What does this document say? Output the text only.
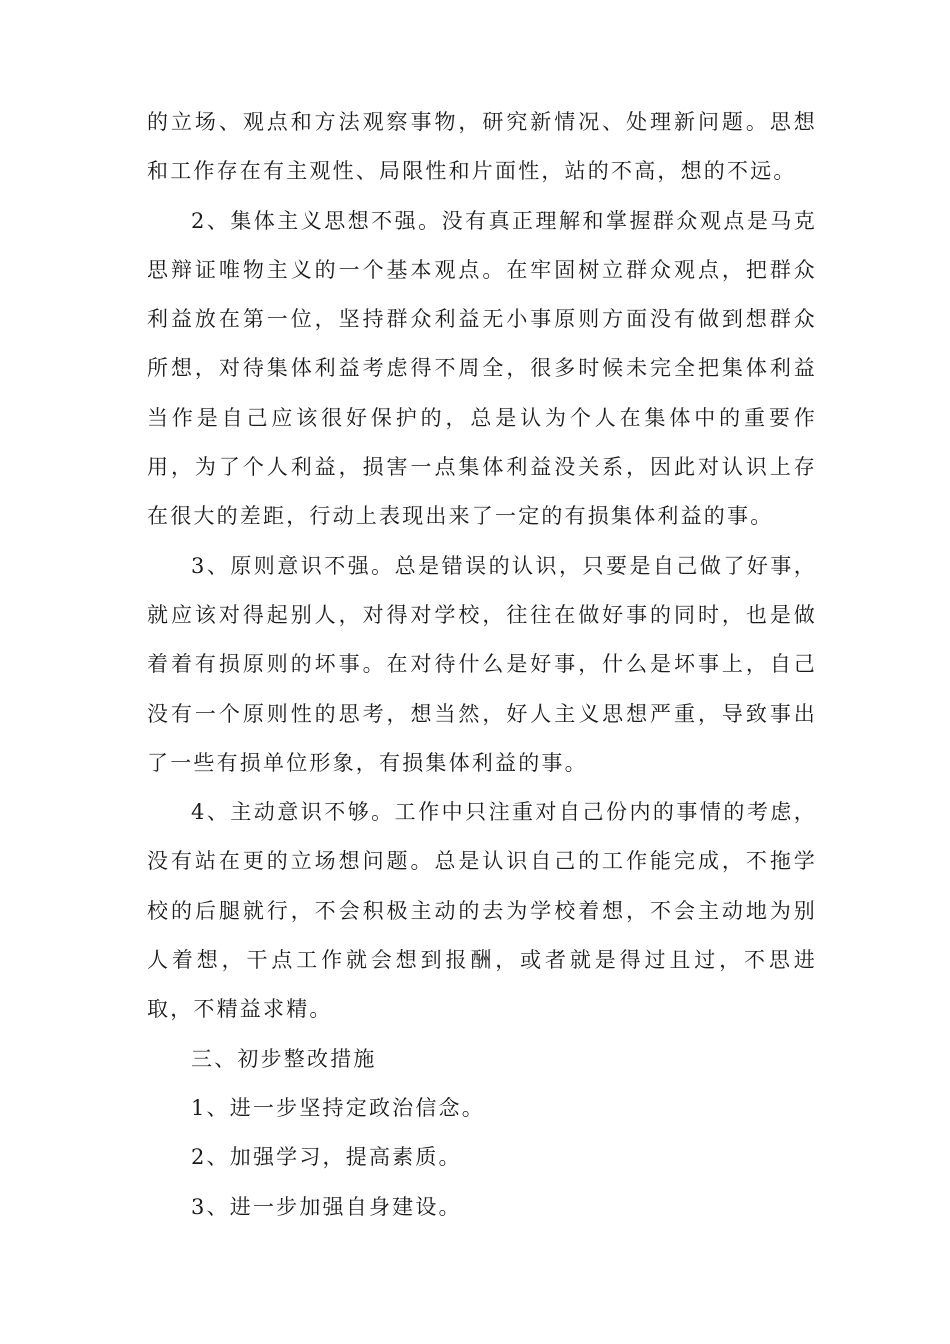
的立场、观点和方法观察事物，研究新情况、处理新问题。思想和工作存在有主观性、局限性和片面性，站的不高，想的不远。

2、集体主义思想不强。没有真正理解和掌握群众观点是马克思辩证唯物主义的一个基本观点。在牢固树立群众观点，把群众利益放在第一位，坚持群众利益无小事原则方面没有做到想群众所想，对待集体利益考虑得不周全，很多时候未完全把集体利益当作是自己应该很好保护的，总是认为个人在集体中的重要作用，为了个人利益，损害一点集体利益没关系，因此对认识上存在很大的差距，行动上表现出来了一定的有损集体利益的事。

3、原则意识不强。总是错误的认识，只要是自己做了好事，就应该对得起别人，对得对学校，往往在做好事的同时，也是做着着有损原则的坏事。在对待什么是好事，什么是坏事上，自己没有一个原则性的思考，想当然，好人主义思想严重，导致事出了一些有损单位形象，有损集体利益的事。

4、主动意识不够。工作中只注重对自己份内的事情的考虑，没有站在更的立场想问题。总是认识自己的工作能完成，不拖学校的后腿就行，不会积极主动的去为学校着想，不会主动地为别人着想，干点工作就会想到报酬，或者就是得过且过，不思进取，不精益求精。

三、初步整改措施

1、进一步坚持定政治信念。

2、加强学习，提高素质。

3、进一步加强自身建设。
